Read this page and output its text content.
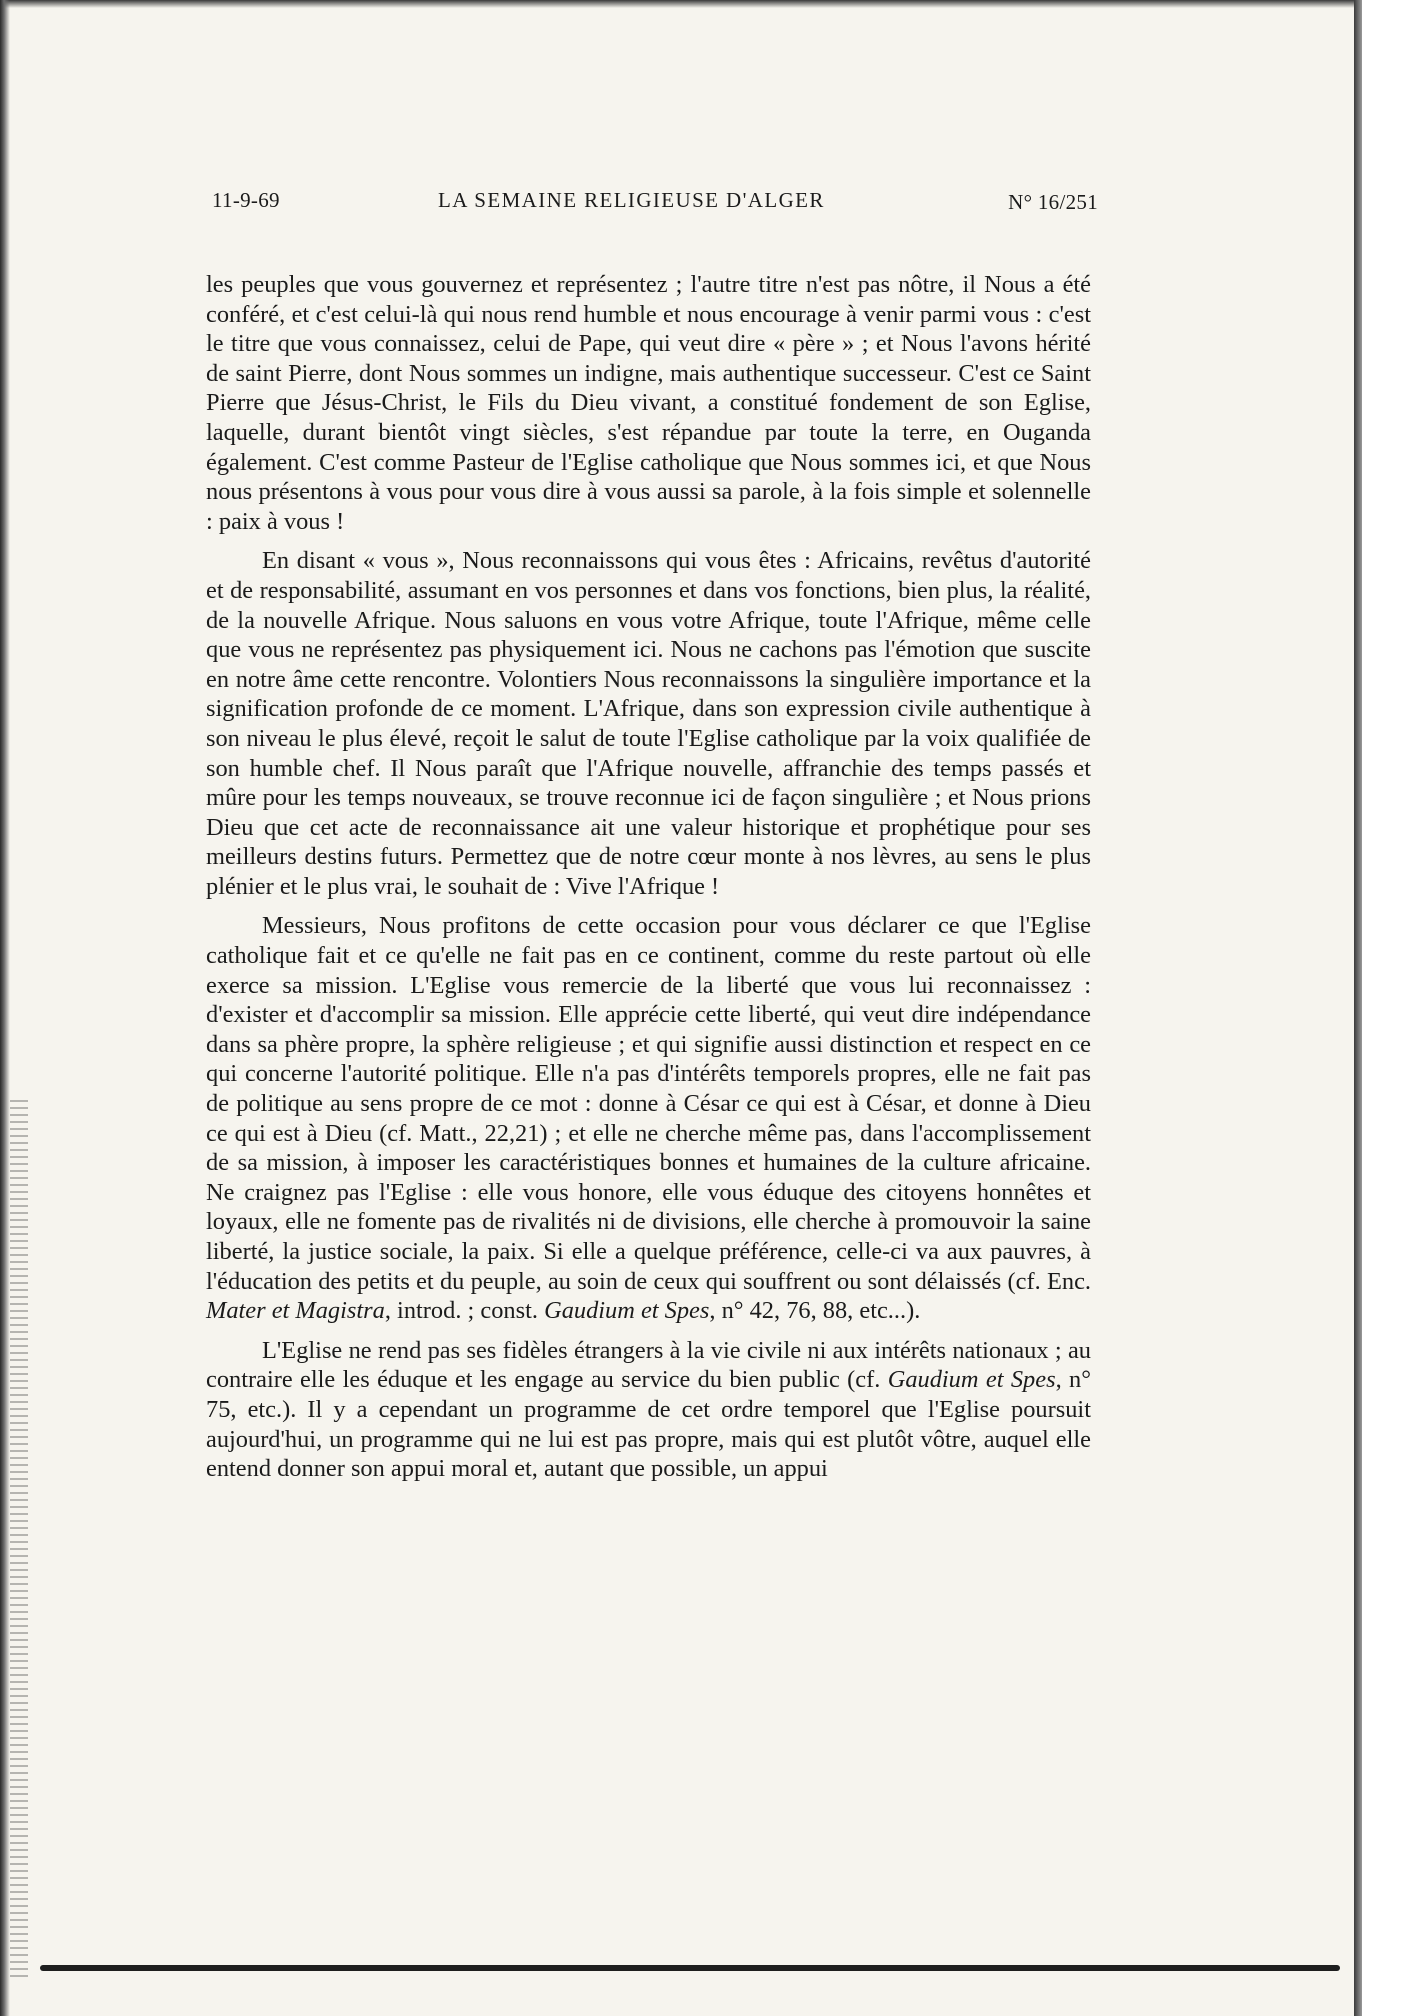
11-9-69	LA SEMAINE RELIGIEUSE D'ALGER	N° 16/251

les peuples que vous gouvernez et représentez ; l'autre titre n'est pas nôtre, il Nous a été conféré, et c'est celui-là qui nous rend humble et nous encourage à venir parmi vous : c'est le titre que vous connaissez, celui de Pape, qui veut dire « père » ; et Nous l'avons hérité de saint Pierre, dont Nous sommes un indigne, mais authentique successeur. C'est ce Saint Pierre que Jésus-Christ, le Fils du Dieu vivant, a constitué fondement de son Eglise, laquelle, durant bientôt vingt siècles, s'est répandue par toute la terre, en Ouganda également. C'est comme Pasteur de l'Eglise catholique que Nous sommes ici, et que Nous nous présentons à vous pour vous dire à vous aussi sa parole, à la fois simple et solennelle : paix à vous !

En disant « vous », Nous reconnaissons qui vous êtes : Africains, revêtus d'autorité et de responsabilité, assumant en vos personnes et dans vos fonctions, bien plus, la réalité, de la nouvelle Afrique. Nous saluons en vous votre Afrique, toute l'Afrique, même celle que vous ne représentez pas physiquement ici. Nous ne cachons pas l'émotion que suscite en notre âme cette rencontre. Volontiers Nous reconnaissons la singulière importance et la signification profonde de ce moment. L'Afrique, dans son expression civile authentique à son niveau le plus élevé, reçoit le salut de toute l'Eglise catholique par la voix qualifiée de son humble chef. Il Nous paraît que l'Afrique nouvelle, affranchie des temps passés et mûre pour les temps nouveaux, se trouve reconnue ici de façon singulière ; et Nous prions Dieu que cet acte de reconnaissance ait une valeur historique et prophétique pour ses meilleurs destins futurs. Permettez que de notre cœur monte à nos lèvres, au sens le plus plénier et le plus vrai, le souhait de : Vive l'Afrique !

Messieurs, Nous profitons de cette occasion pour vous déclarer ce que l'Eglise catholique fait et ce qu'elle ne fait pas en ce continent, comme du reste partout où elle exerce sa mission. L'Eglise vous remercie de la liberté que vous lui reconnaissez : d'exister et d'accomplir sa mission. Elle apprécie cette liberté, qui veut dire indépendance dans sa phère propre, la sphère religieuse ; et qui signifie aussi distinction et respect en ce qui concerne l'autorité politique. Elle n'a pas d'intérêts temporels propres, elle ne fait pas de politique au sens propre de ce mot : donne à César ce qui est à César, et donne à Dieu ce qui est à Dieu (cf. Matt., 22,21) ; et elle ne cherche même pas, dans l'accomplissement de sa mission, à imposer les caractéristiques bonnes et humaines de la culture africaine. Ne craignez pas l'Eglise : elle vous honore, elle vous éduque des citoyens honnêtes et loyaux, elle ne fomente pas de rivalités ni de divisions, elle cherche à promouvoir la saine liberté, la justice sociale, la paix. Si elle a quelque préférence, celle-ci va aux pauvres, à l'éducation des petits et du peuple, au soin de ceux qui souffrent ou sont délaissés (cf. Enc. Mater et Magistra, introd. ; const. Gaudium et Spes, n° 42, 76, 88, etc...).

L'Eglise ne rend pas ses fidèles étrangers à la vie civile ni aux intérêts nationaux ; au contraire elle les éduque et les engage au service du bien public (cf. Gaudium et Spes, n° 75, etc.). Il y a cependant un programme de cet ordre temporel que l'Eglise poursuit aujourd'hui, un programme qui ne lui est pas propre, mais qui est plutôt vôtre, auquel elle entend donner son appui moral et, autant que possible, un appui
